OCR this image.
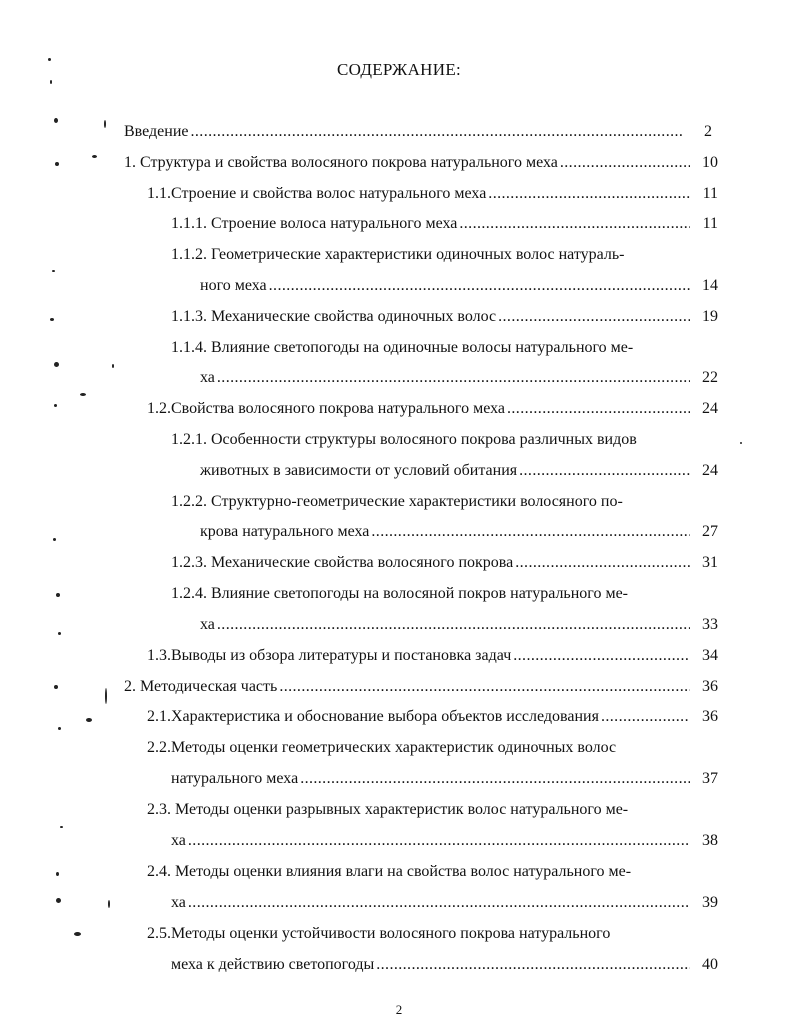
СОДЕРЖАНИЕ:
Введение .....	2
1. Структура и свойства волосяного покрова натурального меха .....	10
1.1.Строение и свойства волос натурального меха .....	11
1.1.1. Строение волоса натурального меха .....	11
1.1.2. Геометрические характеристики одиночных волос натураль-
ного меха .....	14
1.1.3. Механические свойства одиночных волос .....	19
1.1.4. Влияние светопогоды на одиночные волосы натурального ме-
ха .....	22
1.2.Свойства волосяного покрова натурального меха .....	24
1.2.1. Особенности структуры волосяного покрова различных видов
животных в зависимости от условий обитания .....	24
1.2.2. Структурно-геометрические характеристики волосяного по-
крова натурального меха .....	27
1.2.3. Механические свойства волосяного покрова .....	31
1.2.4. Влияние светопогоды на волосяной покров натурального ме-
ха .....	33
1.3.Выводы из обзора литературы и постановка задач .....	34
2. Методическая часть .....	36
2.1.Характеристика и обоснование выбора объектов исследования .....	36
2.2.Методы оценки геометрических характеристик одиночных волос
натурального меха .....	37
2.3. Методы оценки разрывных характеристик волос натурального ме-
ха .....	38
2.4. Методы оценки влияния влаги на свойства волос натурального ме-
ха .....	39
2.5.Методы оценки устойчивости волосяного покрова натурального
меха к действию светопогоды .....	40
2
